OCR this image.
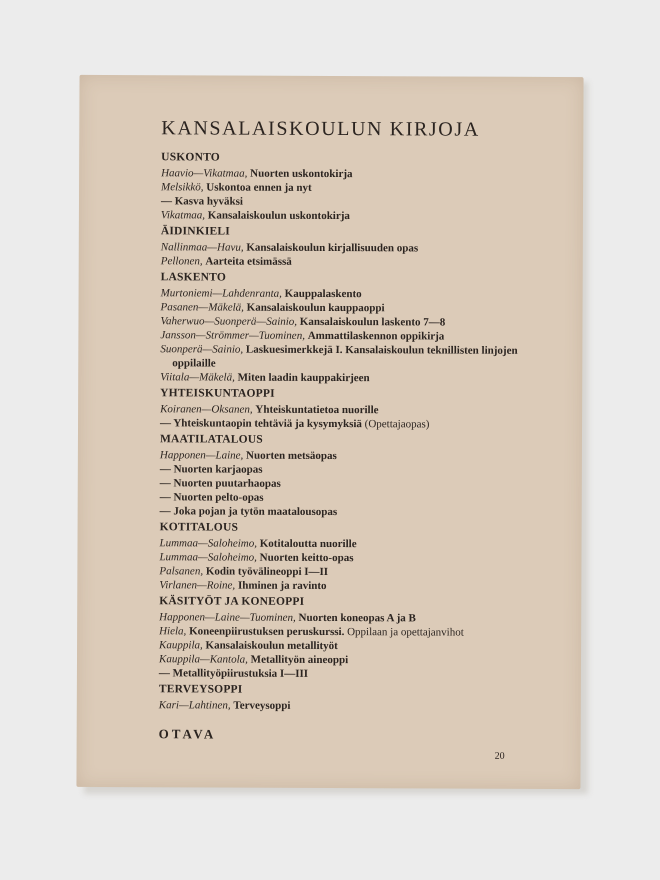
KANSALAISKOULUN KIRJOJA
USKONTO
Haavio—Vikatmaa, Nuorten uskontokirja
Melsikkö, Uskontoa ennen ja nyt
— Kasva hyväksi
Vikatmaa, Kansalaiskoulun uskontokirja
ÄIDINKIELI
Nallinmaa—Havu, Kansalaiskoulun kirjallisuuden opas
Pellonen, Aarteita etsimässä
LASKENTO
Murtoniemi—Lahdenranta, Kauppalaskento
Pasanen—Mäkelä, Kansalaiskoulun kauppaoppi
Vaherwuo—Suonperä—Sainio, Kansalaiskoulun laskento 7—8
Jansson—Strömmer—Tuominen, Ammattilaskennon oppikirja
Suonperä—Sainio, Laskuesimerkkejä I. Kansalaiskoulun teknillisten linjojen oppilaille
Viitala—Mäkelä, Miten laadin kauppakirjeen
YHTEISKUNTAOPPI
Koiranen—Oksanen, Yhteiskuntatietoa nuorille
— Yhteiskuntaopin tehtäviä ja kysymyksiä (Opettajaopas)
MAATILATALOUS
Happonen—Laine, Nuorten metsäopas
— Nuorten karjaopas
— Nuorten puutarhaopas
— Nuorten pelto-opas
— Joka pojan ja tytön maatalousopas
KOTITALOUS
Lummaa—Saloheimo, Kotitaloutta nuorille
Lummaa—Saloheimo, Nuorten keitto-opas
Palsanen, Kodin työvälineoppi I—II
Virlanen—Roine, Ihminen ja ravinto
KÄSITYÖT JA KONEOPPI
Happonen—Laine—Tuominen, Nuorten koneopas A ja B
Hiela, Koneenpiirustuksen peruskurssi. Oppilaan ja opettajanvihot
Kauppila, Kansalaiskoulun metallityöt
Kauppila—Kantola, Metallityön aineoppi
— Metallityöpiirustuksia I—III
TERVEYSOPPI
Kari—Lahtinen, Terveysoppi
OTAVA
20
